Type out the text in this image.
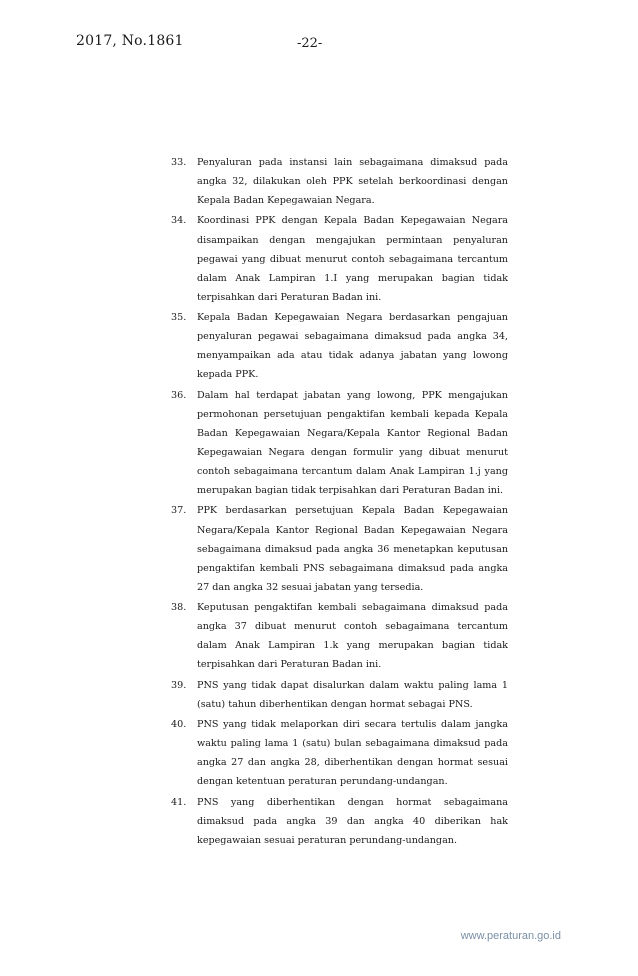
2017, No.1861	-22-
33.	Penyaluran pada instansi lain sebagaimana dimaksud pada angka 32, dilakukan oleh PPK setelah berkoordinasi dengan Kepala Badan Kepegawaian Negara.
34.	Koordinasi PPK dengan Kepala Badan Kepegawaian Negara disampaikan dengan mengajukan permintaan penyaluran pegawai yang dibuat menurut contoh sebagaimana tercantum dalam Anak Lampiran 1.I yang merupakan bagian tidak terpisahkan dari Peraturan Badan ini.
35.	Kepala Badan Kepegawaian Negara berdasarkan pengajuan penyaluran pegawai sebagaimana dimaksud pada angka 34, menyampaikan ada atau tidak adanya jabatan yang lowong kepada PPK.
36.	Dalam hal terdapat jabatan yang lowong, PPK mengajukan permohonan persetujuan pengaktifan kembali kepada Kepala Badan Kepegawaian Negara/Kepala Kantor Regional Badan Kepegawaian Negara dengan formulir yang dibuat menurut contoh sebagaimana tercantum dalam Anak Lampiran 1.j yang merupakan bagian tidak terpisahkan dari Peraturan Badan ini.
37.	PPK berdasarkan persetujuan Kepala Badan Kepegawaian Negara/Kepala Kantor Regional Badan Kepegawaian Negara sebagaimana dimaksud pada angka 36 menetapkan keputusan pengaktifan kembali PNS sebagaimana dimaksud pada angka 27 dan angka 32 sesuai jabatan yang tersedia.
38.	Keputusan pengaktifan kembali sebagaimana dimaksud pada angka 37 dibuat menurut contoh sebagaimana tercantum dalam Anak Lampiran 1.k yang merupakan bagian tidak terpisahkan dari Peraturan Badan ini.
39.	PNS yang tidak dapat disalurkan dalam waktu paling lama 1 (satu) tahun diberhentikan dengan hormat sebagai PNS.
40.	PNS yang tidak melaporkan diri secara tertulis dalam jangka waktu paling lama 1 (satu) bulan sebagaimana dimaksud pada angka 27 dan angka 28, diberhentikan dengan hormat sesuai dengan ketentuan peraturan perundang-undangan.
41.	PNS yang diberhentikan dengan hormat sebagaimana dimaksud pada angka 39 dan angka 40 diberikan hak kepegawaian sesuai peraturan perundang-undangan.
www.peraturan.go.id
